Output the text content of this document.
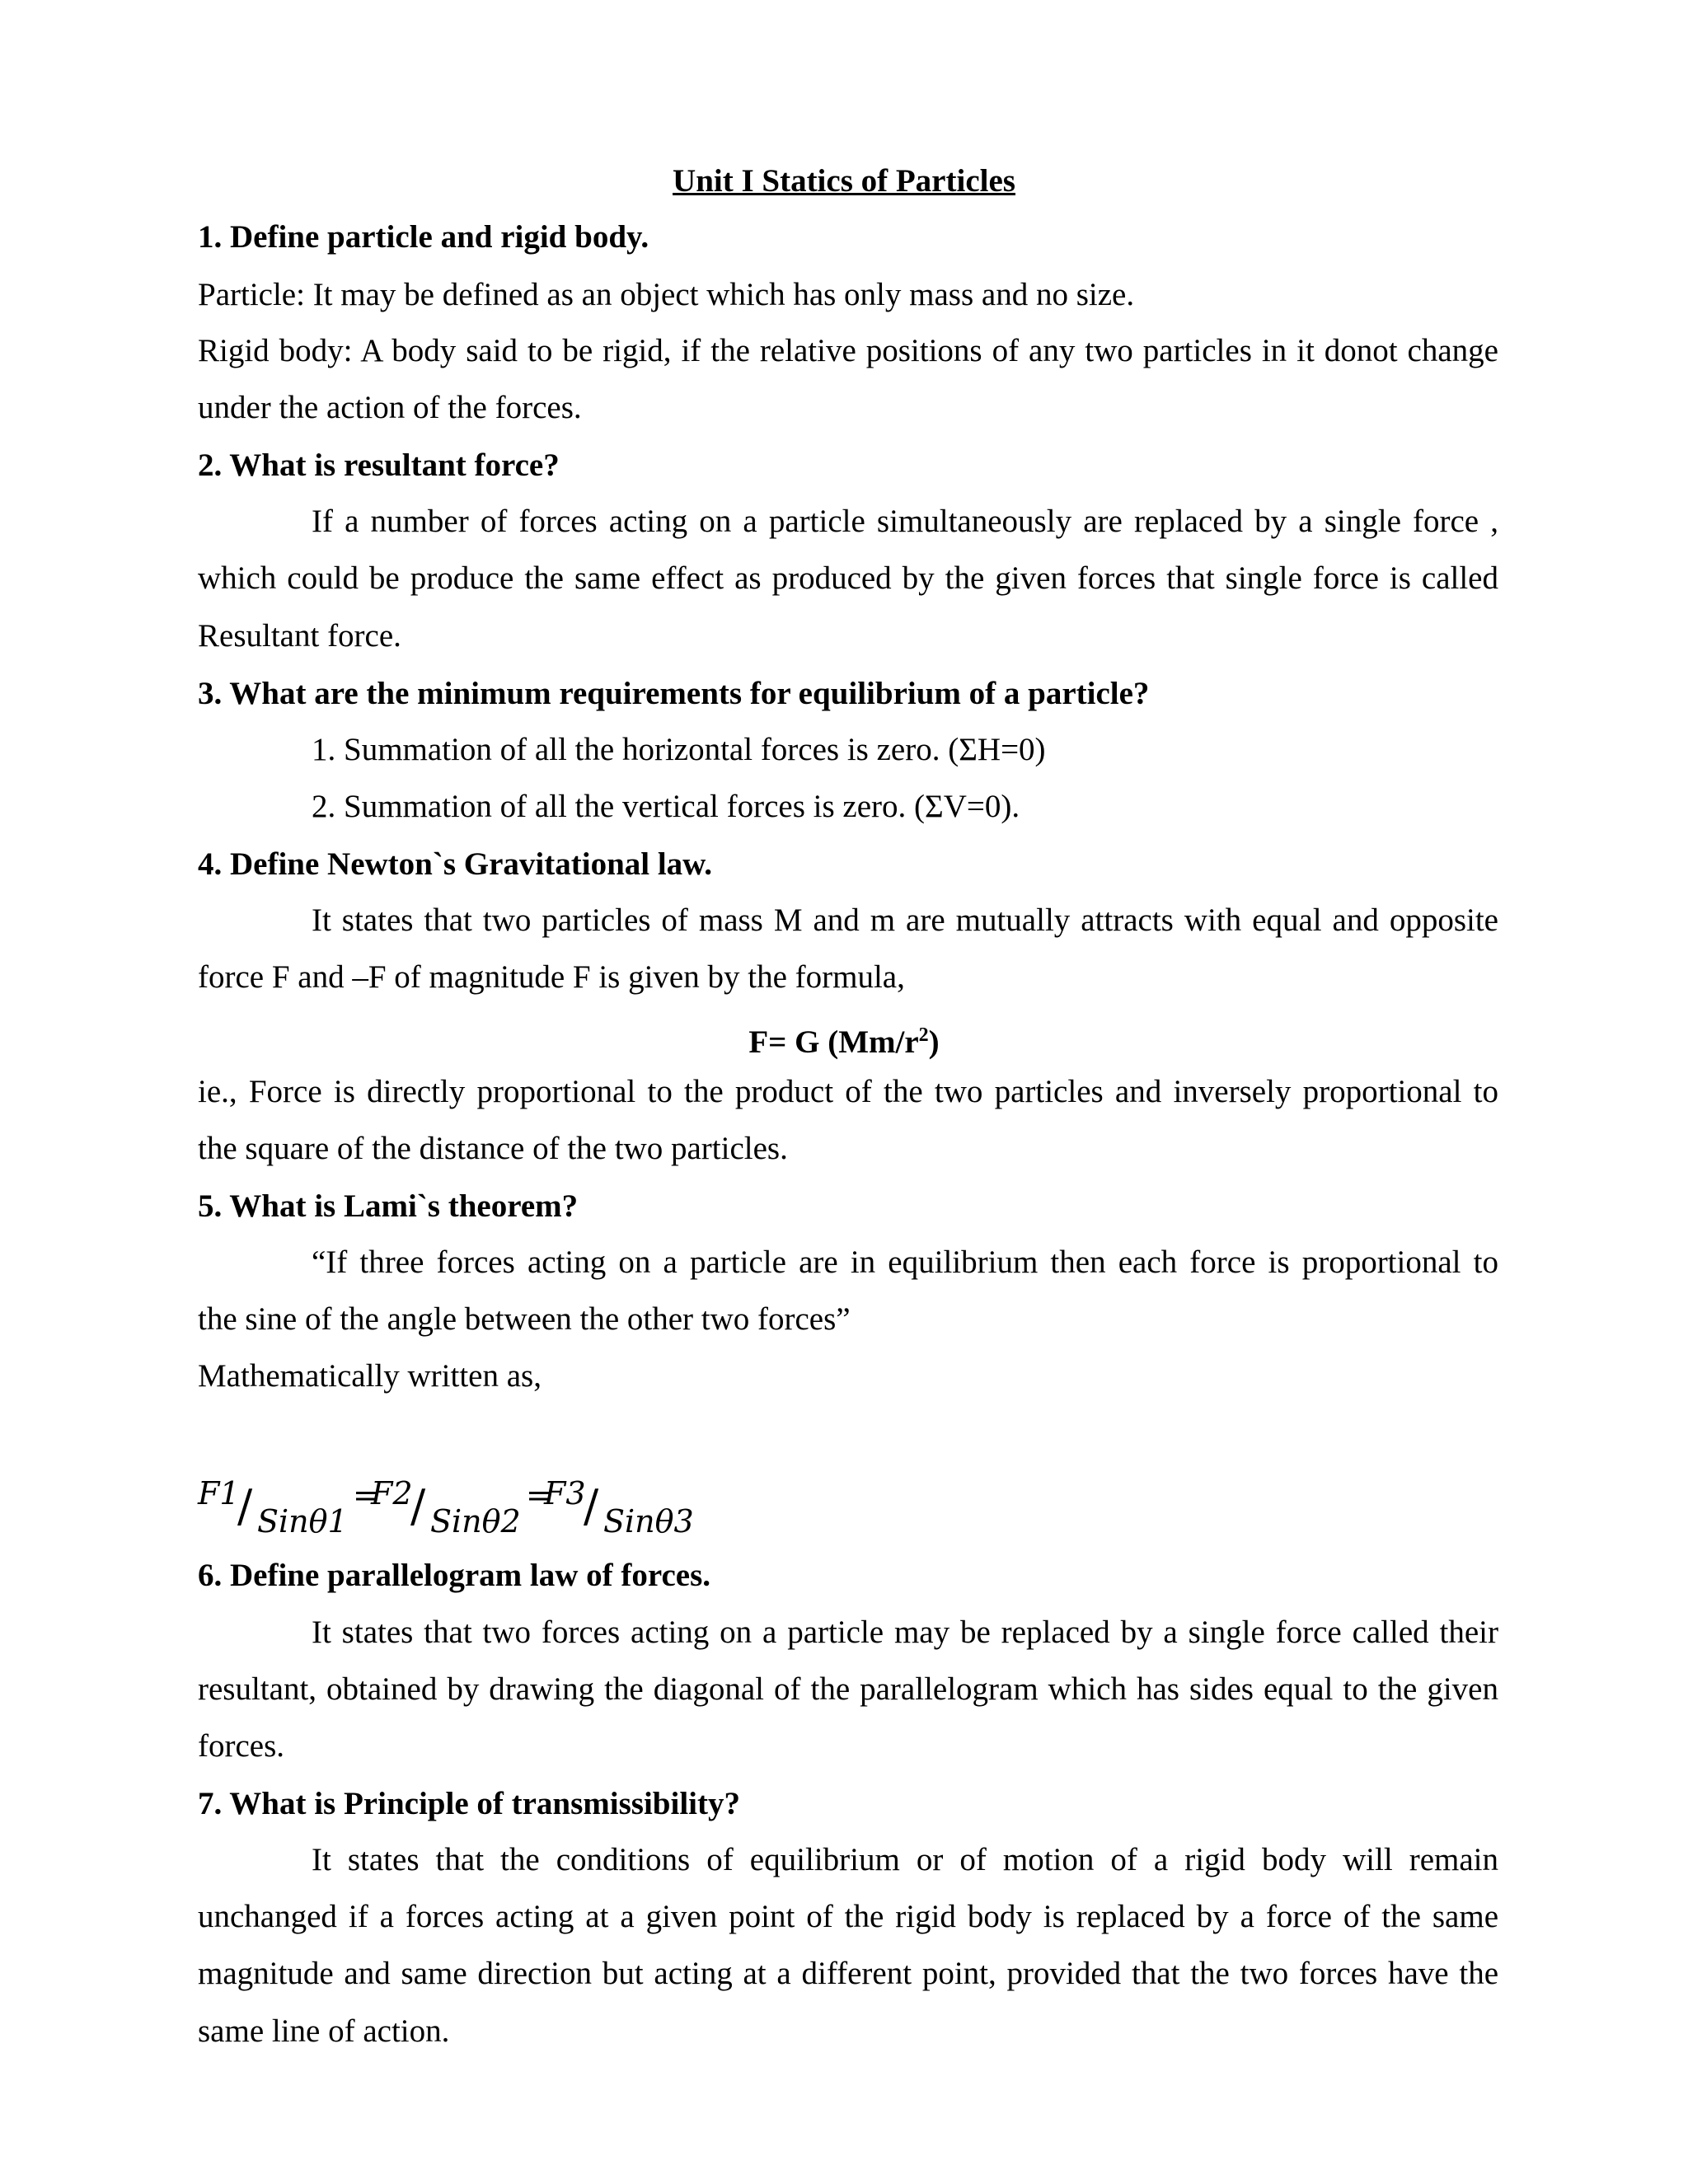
Unit I Statics of Particles
1. Define particle and rigid body.
Particle: It may be defined as an object which has only mass and no size.
Rigid body: A body said to be rigid, if the relative positions of any two particles in it donot change
under the action of the forces.
2. What is resultant force?
If a number of forces acting on a particle simultaneously are replaced by a single force ,
which could be produce the same effect as produced by the given forces that single force is called
Resultant force.
3. What are the minimum requirements for equilibrium of a particle?
1. Summation of all the horizontal forces is zero. (ΣH=0)
2. Summation of all the vertical forces is zero. (ΣV=0).
4. Define Newton`s Gravitational law.
It states that two particles of mass M and m are mutually attracts with equal and opposite
force F and –F of magnitude F is given by the formula,
F= G $(Mm/r^2)$
ie., Force is directly proportional to the product of the two particles and inversely proportional to
the square of the distance of the two particles.
5. What is Lami`s theorem?
“If three forces acting on a particle are in equilibrium then each force is proportional to
the sine of the angle between the other two forces”
Mathematically written as,
F1
/ Sinθ1
=
F2
/ Sinθ2
=
F3
/ Sinθ3
6. Define parallelogram law of forces.
It states that two forces acting on a particle may be replaced by a single force called their
resultant, obtained by drawing the diagonal of the parallelogram which has sides equal to the given
forces.
7. What is Principle of transmissibility?
It states that the conditions of equilibrium or of motion of a rigid body will remain
unchanged if a forces acting at a given point of the rigid body is replaced by a force of the same
magnitude and same direction but acting at a different point, provided that the two forces have the
same line of action.
